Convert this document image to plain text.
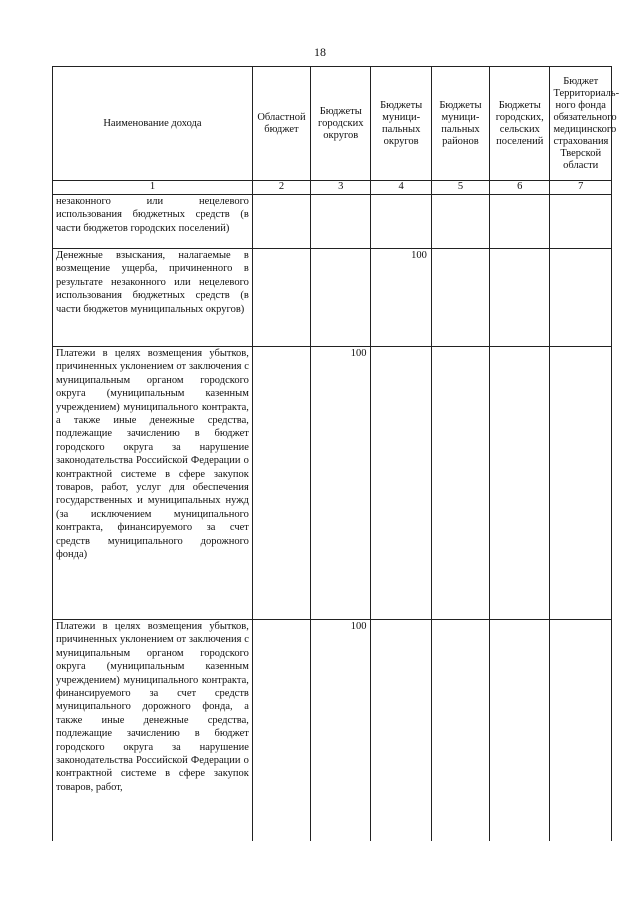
18
Наименование дохода	Областной бюджет	Бюджеты городских округов	Бюджеты муници-пальных округов	Бюджеты муници-пальных районов	Бюджеты городских, сельских поселений	Бюджет Территориаль-ного фонда обязательного медицинского страхования Тверской области
1	2	3	4	5	6	7
незаконного или нецелевого использования бюджетных средств (в части бюджетов городских поселений)						
Денежные взыскания, налагаемые в возмещение ущерба, причиненного в результате незаконного или нецелевого использования бюджетных средств (в части бюджетов муниципальных округов)			100			
Платежи в целях возмещения убытков, причиненных уклонением от заключения с муниципальным органом городского округа (муниципальным казенным учреждением) муниципального контракта, а также иные денежные средства, подлежащие зачислению в бюджет городского округа за нарушение законодательства Российской Федерации о контрактной системе в сфере закупок товаров, работ, услуг для обеспечения государственных и муниципальных нужд (за исключением муниципального контракта, финансируемого за счет средств муниципального дорожного фонда)		100				
Платежи в целях возмещения убытков, причиненных уклонением от заключения с муниципальным органом городского округа (муниципальным казенным учреждением) муниципального контракта, финансируемого за счет средств муниципального дорожного фонда, а также иные денежные средства, подлежащие зачислению в бюджет городского округа за нарушение законодательства Российской Федерации о контрактной системе в сфере закупок товаров, работ,		100				
